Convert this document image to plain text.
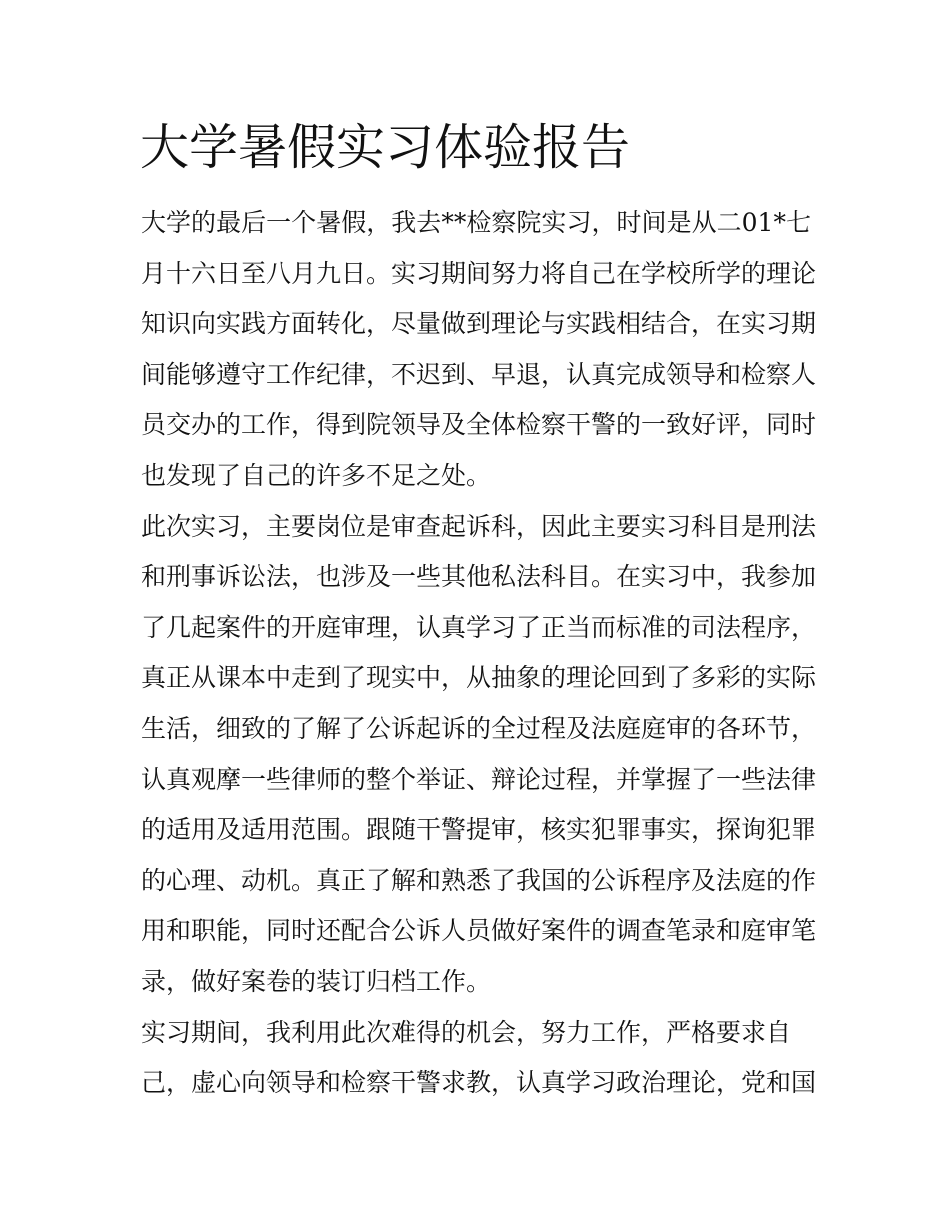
大学暑假实习体验报告
大学的最后一个暑假，我去**检察院实习，时间是从二01*七
月十六日至八月九日。实习期间努力将自己在学校所学的理论
知识向实践方面转化，尽量做到理论与实践相结合，在实习期
间能够遵守工作纪律，不迟到、早退，认真完成领导和检察人
员交办的工作，得到院领导及全体检察干警的一致好评，同时
也发现了自己的许多不足之处。
此次实习，主要岗位是审查起诉科，因此主要实习科目是刑法
和刑事诉讼法，也涉及一些其他私法科目。在实习中，我参加
了几起案件的开庭审理，认真学习了正当而标准的司法程序，
真正从课本中走到了现实中，从抽象的理论回到了多彩的实际
生活，细致的了解了公诉起诉的全过程及法庭庭审的各环节，
认真观摩一些律师的整个举证、辩论过程，并掌握了一些法律
的适用及适用范围。跟随干警提审，核实犯罪事实，探询犯罪
的心理、动机。真正了解和熟悉了我国的公诉程序及法庭的作
用和职能，同时还配合公诉人员做好案件的调查笔录和庭审笔
录，做好案卷的装订归档工作。
实习期间，我利用此次难得的机会，努力工作，严格要求自
己，虚心向领导和检察干警求教，认真学习政治理论，党和国
